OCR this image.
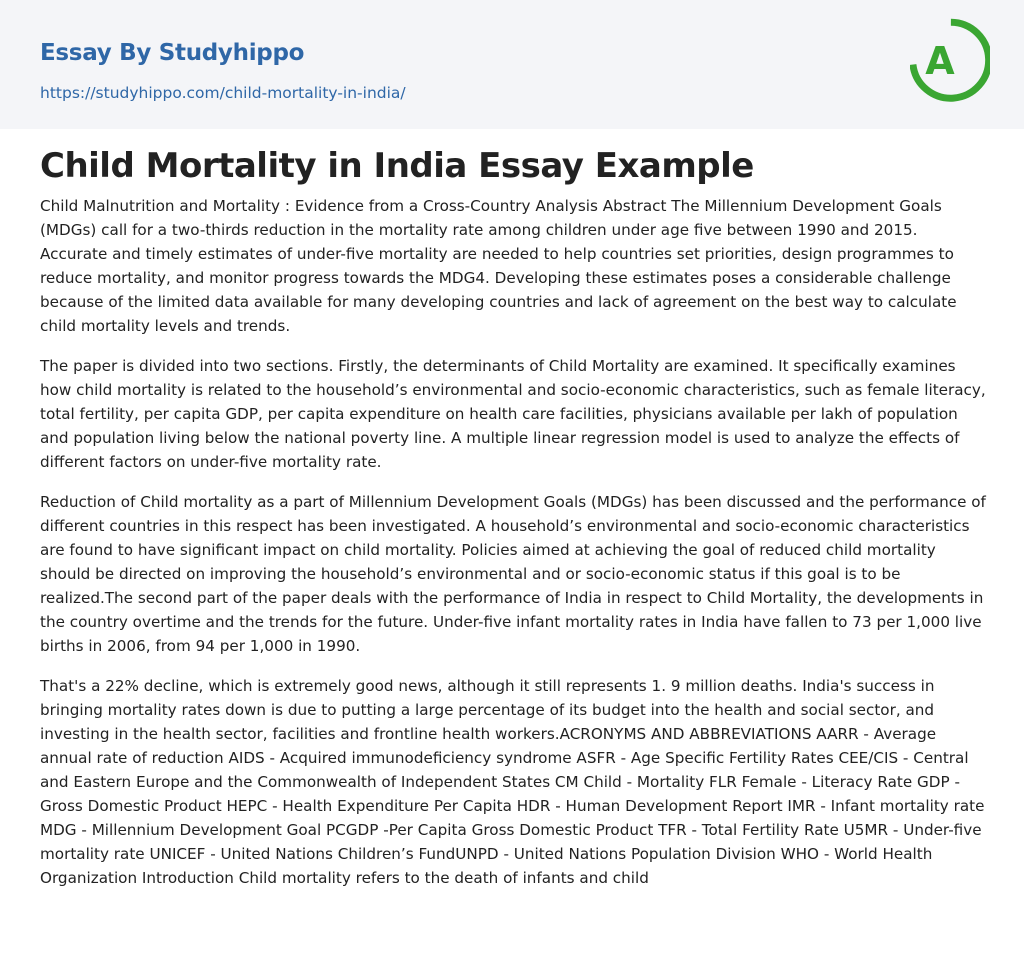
Essay By Studyhippo
https://studyhippo.com/child-mortality-in-india/
A
Child Mortality in India Essay Example

Child Malnutrition and Mortality : Evidence from a Cross-Country Analysis Abstract The Millennium Development Goals (MDGs) call for a two-thirds reduction in the mortality rate among children under age five between 1990 and 2015. Accurate and timely estimates of under-five mortality are needed to help countries set priorities, design programmes to reduce mortality, and monitor progress towards the MDG4. Developing these estimates poses a considerable challenge because of the limited data available for many developing countries and lack of agreement on the best way to calculate child mortality levels and trends.

The paper is divided into two sections. Firstly, the determinants of Child Mortality are examined. It specifically examines how child mortality is related to the household’s environmental and socio-economic characteristics, such as female literacy, total fertility, per capita GDP, per capita expenditure on health care facilities, physicians available per lakh of population and population living below the national poverty line. A multiple linear regression model is used to analyze the effects of different factors on under-five mortality rate.

Reduction of Child mortality as a part of Millennium Development Goals (MDGs) has been discussed and the performance of different countries in this respect has been investigated. A household’s environmental and socio-economic characteristics are found to have significant impact on child mortality. Policies aimed at achieving the goal of reduced child mortality should be directed on improving the household’s environmental and or socio-economic status if this goal is to be realized.The second part of the paper deals with the performance of India in respect to Child Mortality, the developments in the country overtime and the trends for the future. Under-five infant mortality rates in India have fallen to 73 per 1,000 live births in 2006, from 94 per 1,000 in 1990.

That's a 22% decline, which is extremely good news, although it still represents 1. 9 million deaths. India's success in bringing mortality rates down is due to putting a large percentage of its budget into the health and social sector, and investing in the health sector, facilities and frontline health workers.ACRONYMS AND ABBREVIATIONS AARR - Average annual rate of reduction AIDS - Acquired immunodeficiency syndrome ASFR - Age Specific Fertility Rates CEE/CIS - Central and Eastern Europe and the Commonwealth of Independent States CM Child - Mortality FLR Female - Literacy Rate GDP - Gross Domestic Product HEPC - Health Expenditure Per Capita HDR - Human Development Report IMR - Infant mortality rate MDG - Millennium Development Goal PCGDP -Per Capita Gross Domestic Product TFR - Total Fertility Rate U5MR - Under-five mortality rate UNICEF - United Nations Children’s FundUNPD - United Nations Population Division WHO - World Health Organization Introduction Child mortality refers to the death of infants and child
